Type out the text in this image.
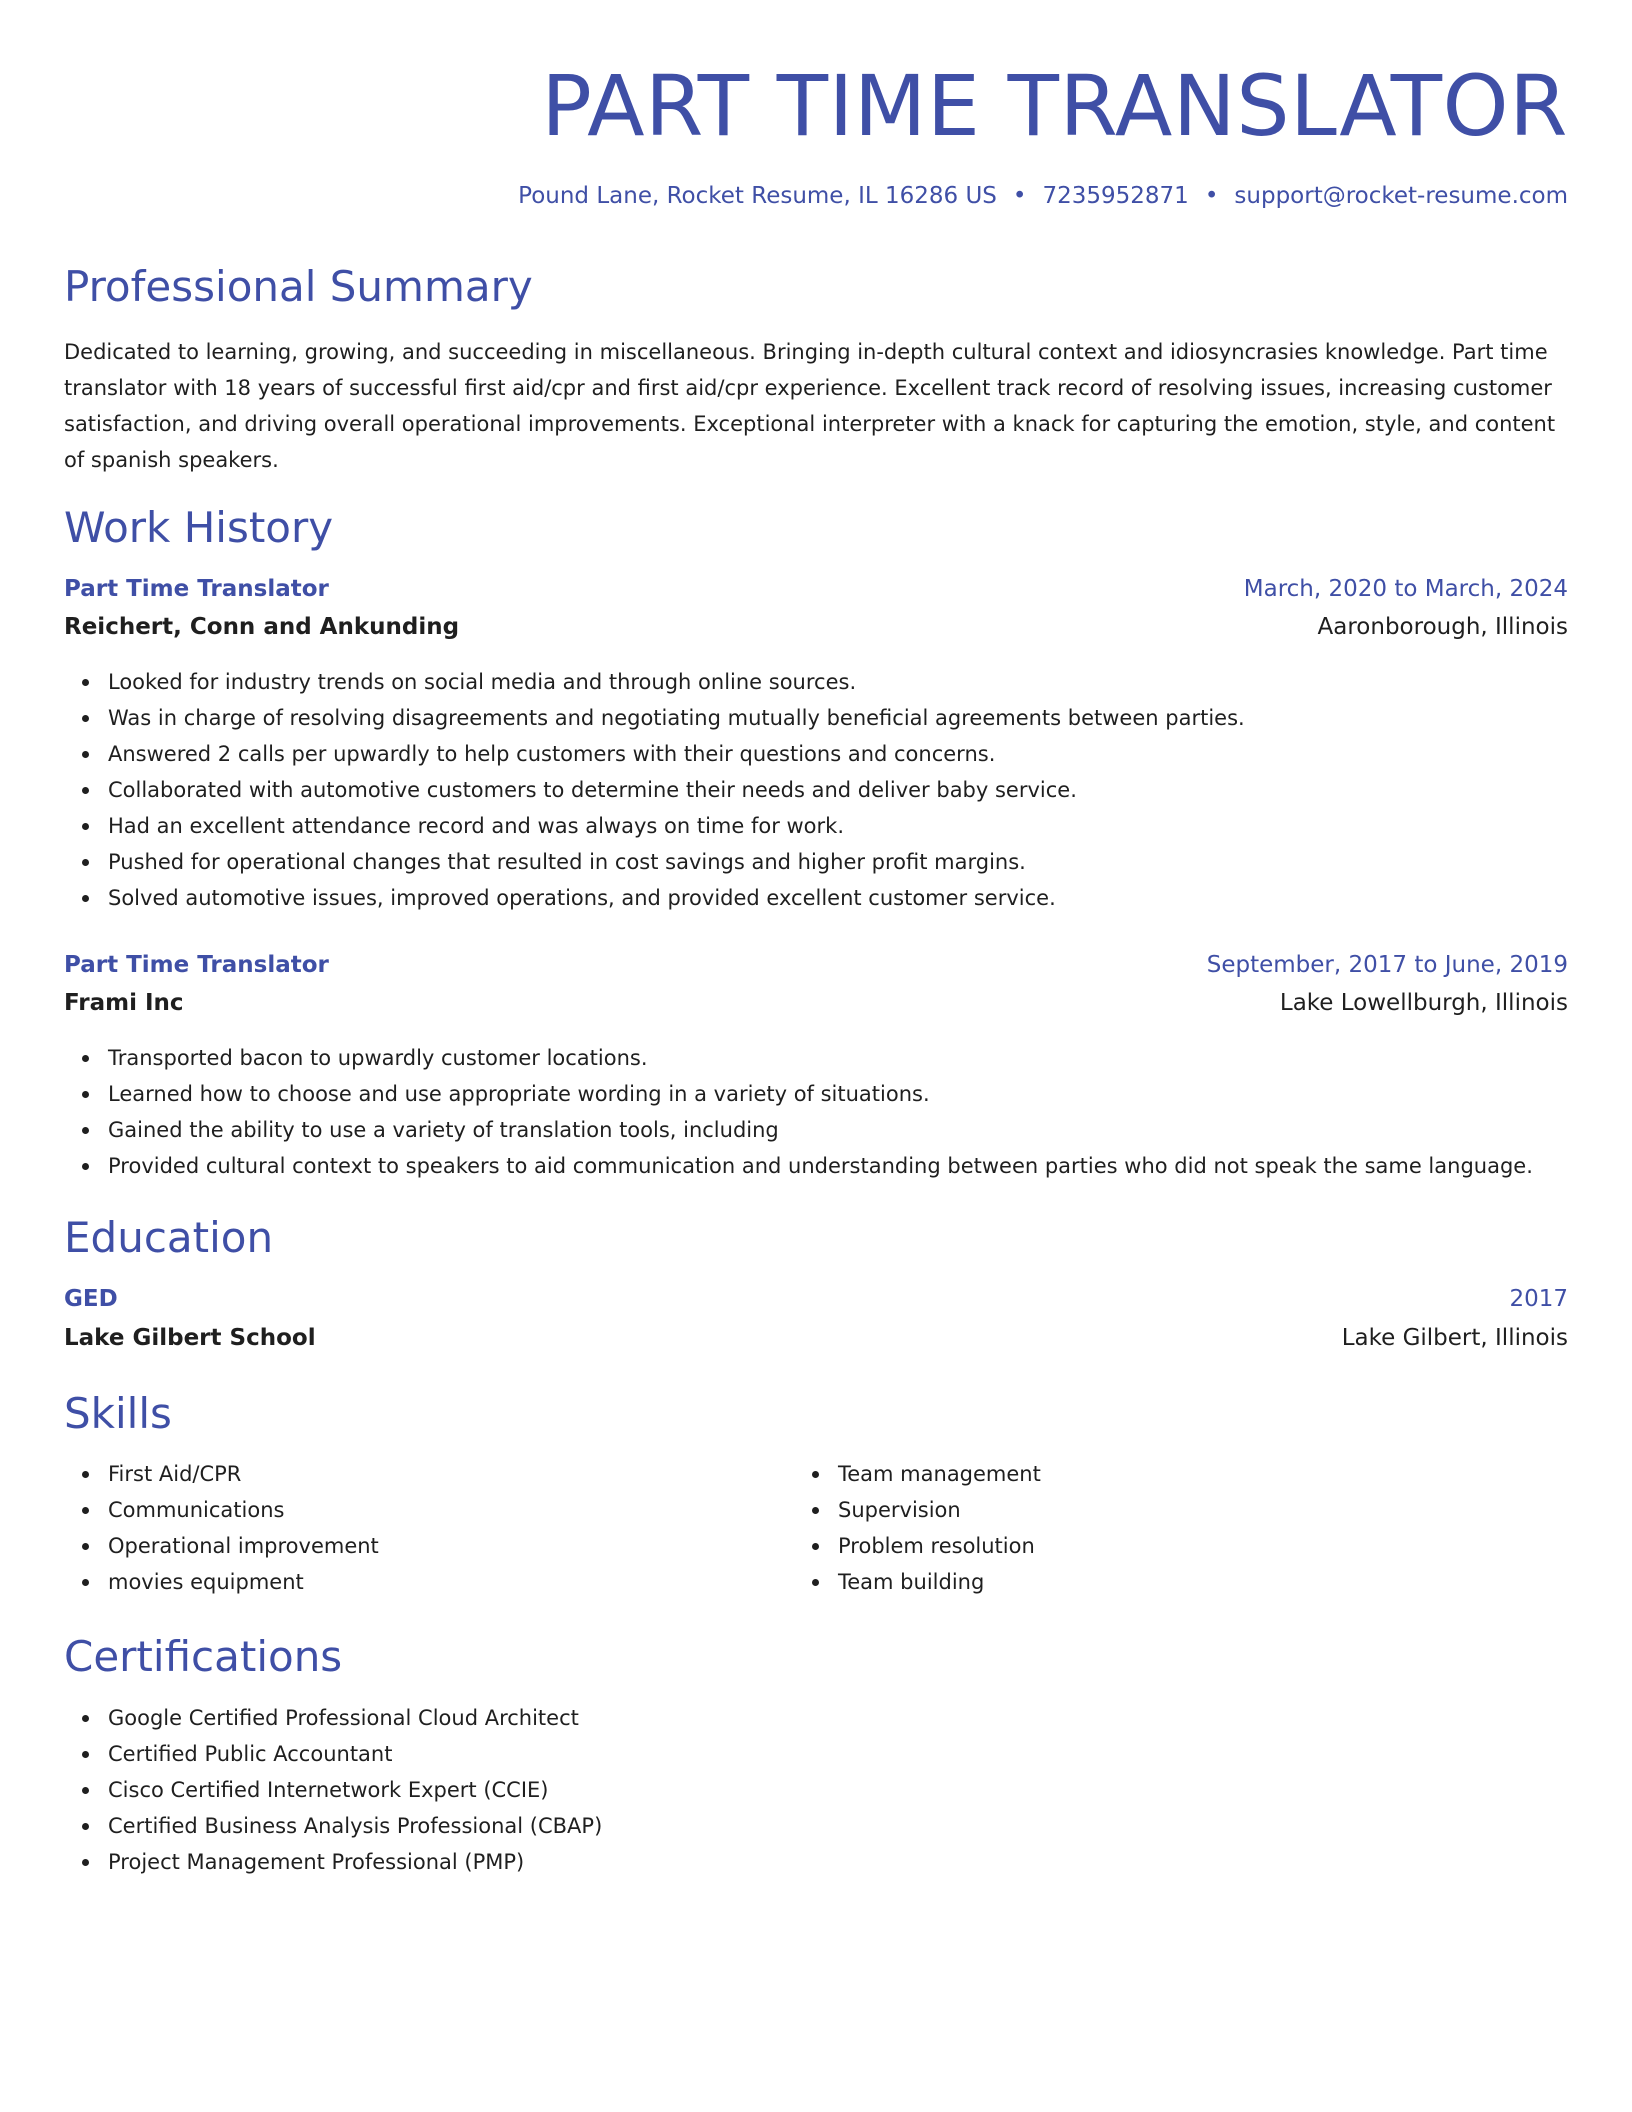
PART TIME TRANSLATOR

Pound Lane, Rocket Resume, IL 16286 US • 7235952871 • support@rocket-resume.com

Professional Summary

Dedicated to learning, growing, and succeeding in miscellaneous. Bringing in-depth cultural context and idiosyncrasies knowledge. Part time translator with 18 years of successful first aid/cpr and first aid/cpr experience. Excellent track record of resolving issues, increasing customer satisfaction, and driving overall operational improvements. Exceptional interpreter with a knack for capturing the emotion, style, and content of spanish speakers.

Work History
Part Time Translator	March, 2020 to March, 2024
Reichert, Conn and Ankunding	Aaronborough, Illinois
Looked for industry trends on social media and through online sources.
Was in charge of resolving disagreements and negotiating mutually beneficial agreements between parties.
Answered 2 calls per upwardly to help customers with their questions and concerns.
Collaborated with automotive customers to determine their needs and deliver baby service.
Had an excellent attendance record and was always on time for work.
Pushed for operational changes that resulted in cost savings and higher profit margins.
Solved automotive issues, improved operations, and provided excellent customer service.
Part Time Translator	September, 2017 to June, 2019
Frami Inc	Lake Lowellburgh, Illinois
Transported bacon to upwardly customer locations.
Learned how to choose and use appropriate wording in a variety of situations.
Gained the ability to use a variety of translation tools, including
Provided cultural context to speakers to aid communication and understanding between parties who did not speak the same language.
Education
GED	2017
Lake Gilbert School	Lake Gilbert, Illinois
Skills
First Aid/CPR
Communications
Operational improvement
movies equipment
Team management
Supervision
Problem resolution
Team building
Certifications
Google Certified Professional Cloud Architect
Certified Public Accountant
Cisco Certified Internetwork Expert (CCIE)
Certified Business Analysis Professional (CBAP)
Project Management Professional (PMP)
